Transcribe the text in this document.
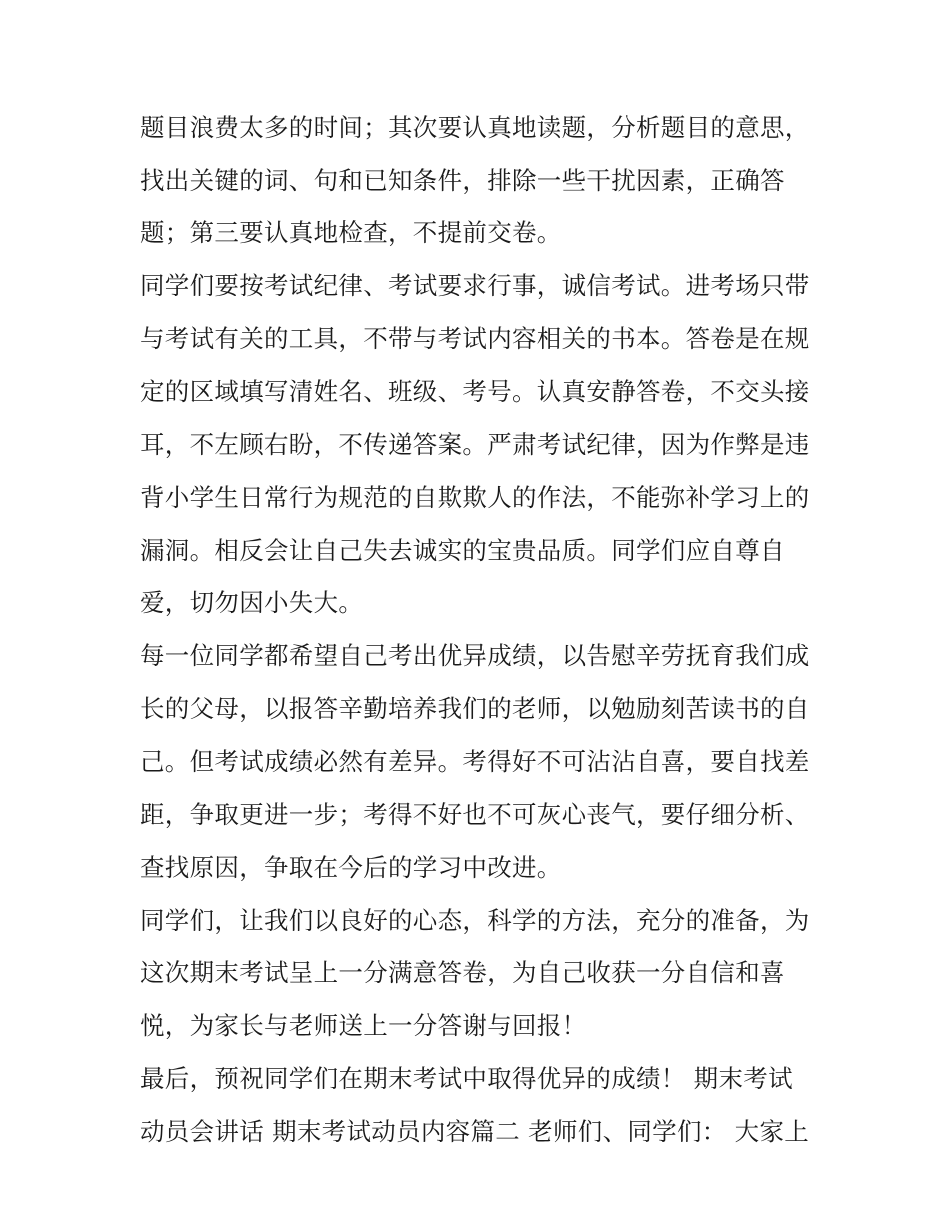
题目浪费太多的时间；其次要认真地读题，分析题目的意思，
找出关键的词、句和已知条件，排除一些干扰因素，正确答
题；第三要认真地检查，不提前交卷。
同学们要按考试纪律、考试要求行事，诚信考试。进考场只带
与考试有关的工具，不带与考试内容相关的书本。答卷是在规
定的区域填写清姓名、班级、考号。认真安静答卷，不交头接
耳，不左顾右盼，不传递答案。严肃考试纪律，因为作弊是违
背小学生日常行为规范的自欺欺人的作法，不能弥补学习上的
漏洞。相反会让自己失去诚实的宝贵品质。同学们应自尊自
爱，切勿因小失大。
每一位同学都希望自己考出优异成绩，以告慰辛劳抚育我们成
长的父母，以报答辛勤培养我们的老师，以勉励刻苦读书的自
己。但考试成绩必然有差异。考得好不可沾沾自喜，要自找差
距，争取更进一步；考得不好也不可灰心丧气，要仔细分析、
查找原因，争取在今后的学习中改进。
同学们，让我们以良好的心态，科学的方法，充分的准备，为
这次期末考试呈上一分满意答卷，为自己收获一分自信和喜
悦，为家长与老师送上一分答谢与回报！
最后，预祝同学们在期末考试中取得优异的成绩！ 期末考试
动员会讲话 期末考试动员内容篇二 老师们、同学们： 大家上
